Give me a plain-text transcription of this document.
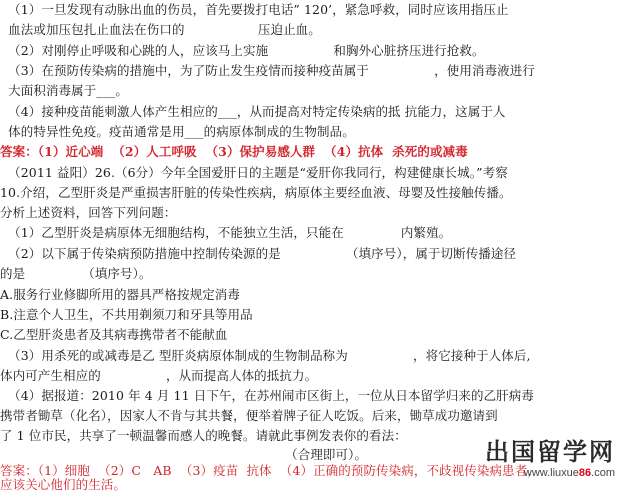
（1）一旦发现有动脉出血的伤员，首先要拨打电话” 120’，紧急呼救，同时应该用指压止
血法或加压包扎止血法在伤口的                  压迫止血。
（2）对刚停止呼吸和心跳的人，应该马上实施                和胸外心脏挤压进行抢救。
（3）在预防传染病的措施中，为了防止发生疫情而接种疫苗属于                ，使用消毒液进行
大面积消毒属于___。
（4）接种疫苗能刺激人体产生相应的___，从而提高对特定传染病的抵 抗能力，这属于人
体的特异性免疫。疫苗通常是用___的病原体制成的生物制品。
答案：（1）近心端  （2）人工呼吸  （3）保护易感人群  （4）抗体  杀死的或减毒
（2011 益阳）26.（6分）今年全国爱肝日的主题是“爱肝你我同行，构建健康长城。”考察
10.介绍，乙型肝炎是严重损害肝脏的传染性疾病，病原体主要经血液、母婴及性接触传播。
分析上述资料，回答下列问题：
（1）乙型肝炎是病原体无细胞结构，不能独立生活，只能在              内繁殖。
（2）以下属于传染病预防措施中控制传染源的是                （填序号），属于切断传播途径
的是              （填序号）。
A.服务行业修脚所用的器具严格按规定消毒
B.注意个人卫生，不共用剃须刀和牙具等用品
C.乙型肝炎患者及其病毒携带者不能献血
（3）用杀死的或减毒是乙 型肝炎病原体制成的生物制品称为                ，将它接种于人体后,
体内可产生相应的                ，从而提高人体的抵抗力。
（4）据报道：2010 年 4 月 11 日下午，在苏州闹市区街上，一位从日本留学归来的乙肝病毒
携带者锄草（化名），因家人不肯与其共餐，便举着牌子征人吃饭。后来，锄草成功邀请到
了 1 位市民，共享了一顿温馨而感人的晚餐。请就此事例发表你的看法：
（合理即可）。
答案：（1）细胞  （2）C   AB  （3）疫苗  抗体  （4）正确的预防传染病，不歧视传染病患者，
应该关心他们的生活。
出国留学网
www.liuxue86.com
